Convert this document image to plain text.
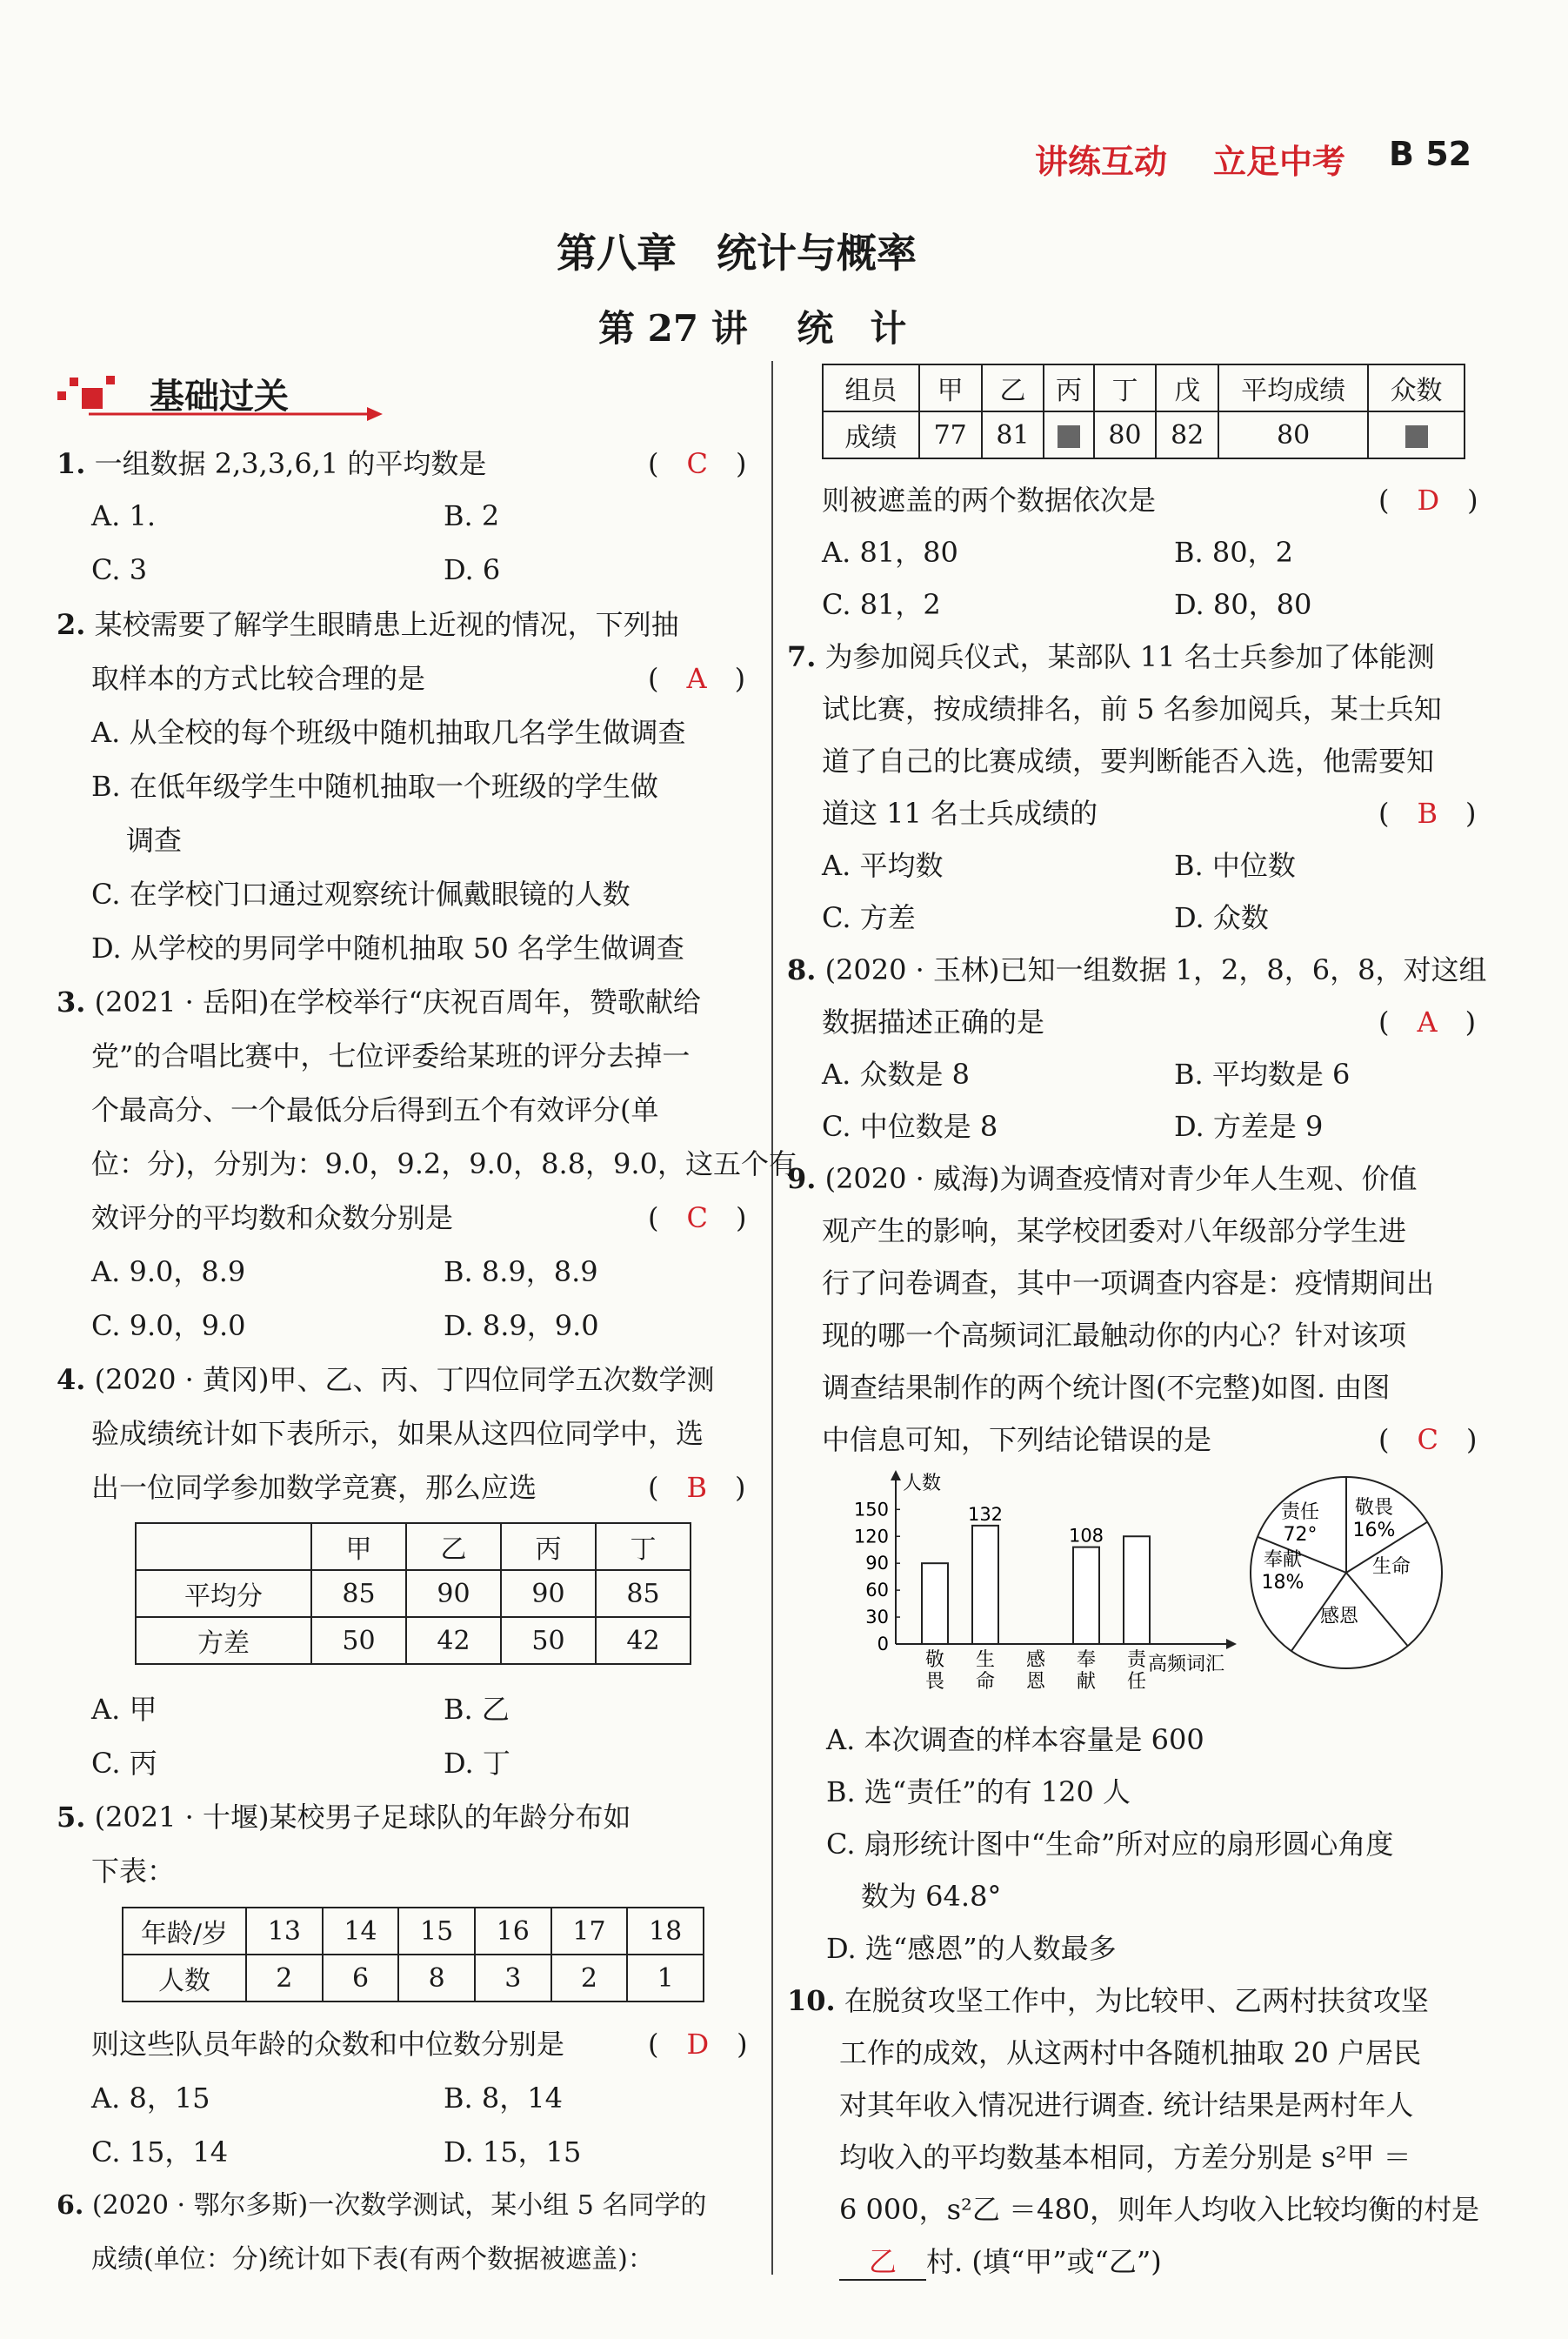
讲练互动 立足中考 B 52
第八章　统计与概率
第 27 讲　 统　计
基础过关
1. 一组数据 2,3,3,6,1 的平均数是	(　C　)
A. 1.	B. 2
C. 3	D. 6
2. 某校需要了解学生眼睛患上近视的情况，下列抽
取样本的方式比较合理的是	(　A　)
A. 从全校的每个班级中随机抽取几名学生做调查
B. 在低年级学生中随机抽取一个班级的学生做
调查
C. 在学校门口通过观察统计佩戴眼镜的人数
D. 从学校的男同学中随机抽取 50 名学生做调查
3. (2021 · 岳阳)在学校举行“庆祝百周年，赞歌献给
党”的合唱比赛中，七位评委给某班的评分去掉一
个最高分、一个最低分后得到五个有效评分(单
位：分)，分别为：9.0，9.2，9.0，8.8，9.0，这五个有
效评分的平均数和众数分别是	(　C　)
A. 9.0，8.9	B. 8.9，8.9
C. 9.0，9.0	D. 8.9，9.0
4. (2020 · 黄冈)甲、乙、丙、丁四位同学五次数学测
验成绩统计如下表所示，如果从这四位同学中，选
出一位同学参加数学竞赛，那么应选	(　B　)
	甲	乙	丙	丁
平均分	85	90	90	85
方差	50	42	50	42
A. 甲	B. 乙
C. 丙	D. 丁
5. (2021 · 十堰)某校男子足球队的年龄分布如
下表：
年龄/岁	13	14	15	16	17	18
人数	2	6	8	3	2	1
则这些队员年龄的众数和中位数分别是	(　D　)
A. 8，15	B. 8，14
C. 15，14	D. 15，15
6. (2020 · 鄂尔多斯)一次数学测试，某小组 5 名同学的
成绩(单位：分)统计如下表(有两个数据被遮盖)：
组员	甲	乙	丙	丁	戊	平均成绩	众数
成绩	77	81		80	82	80	
则被遮盖的两个数据依次是	(　D　)
A. 81，80	B. 80，2
C. 81，2	D. 80，80
7. 为参加阅兵仪式，某部队 11 名士兵参加了体能测
试比赛，按成绩排名，前 5 名参加阅兵，某士兵知
道了自己的比赛成绩，要判断能否入选，他需要知
道这 11 名士兵成绩的	(　B　)
A. 平均数	B. 中位数
C. 方差	D. 众数
8. (2020 · 玉林)已知一组数据 1，2，8，6，8，对这组
数据描述正确的是	(　A　)
A. 众数是 8	B. 平均数是 6
C. 中位数是 8	D. 方差是 9
9. (2020 · 威海)为调查疫情对青少年人生观、价值
观产生的影响，某学校团委对八年级部分学生进
行了问卷调查，其中一项调查内容是：疫情期间出
现的哪一个高频词汇最触动你的内心？针对该项
调查结果制作的两个统计图(不完整)如图. 由图
中信息可知，下列结论错误的是	(　C　)
人数
高频词汇
0
30
60
90
120
150
敬
畏
132
生
命
感
恩
108
奉
献
责
任
敬畏
16%
生命
感恩
奉献
18%
责任
72°
A. 本次调查的样本容量是 600
B. 选“责任”的有 120 人
C. 扇形统计图中“生命”所对应的扇形圆心角度
数为 64.8°
D. 选“感恩”的人数最多
10. 在脱贫攻坚工作中，为比较甲、乙两村扶贫攻坚
工作的成效，从这两村中各随机抽取 20 户居民
对其年收入情况进行调查. 统计结果是两村年人
均收入的平均数基本相同，方差分别是 s²甲 ＝
6 000，s²乙 ＝480，则年人均收入比较均衡的村是
乙 村. (填“甲”或“乙”)
